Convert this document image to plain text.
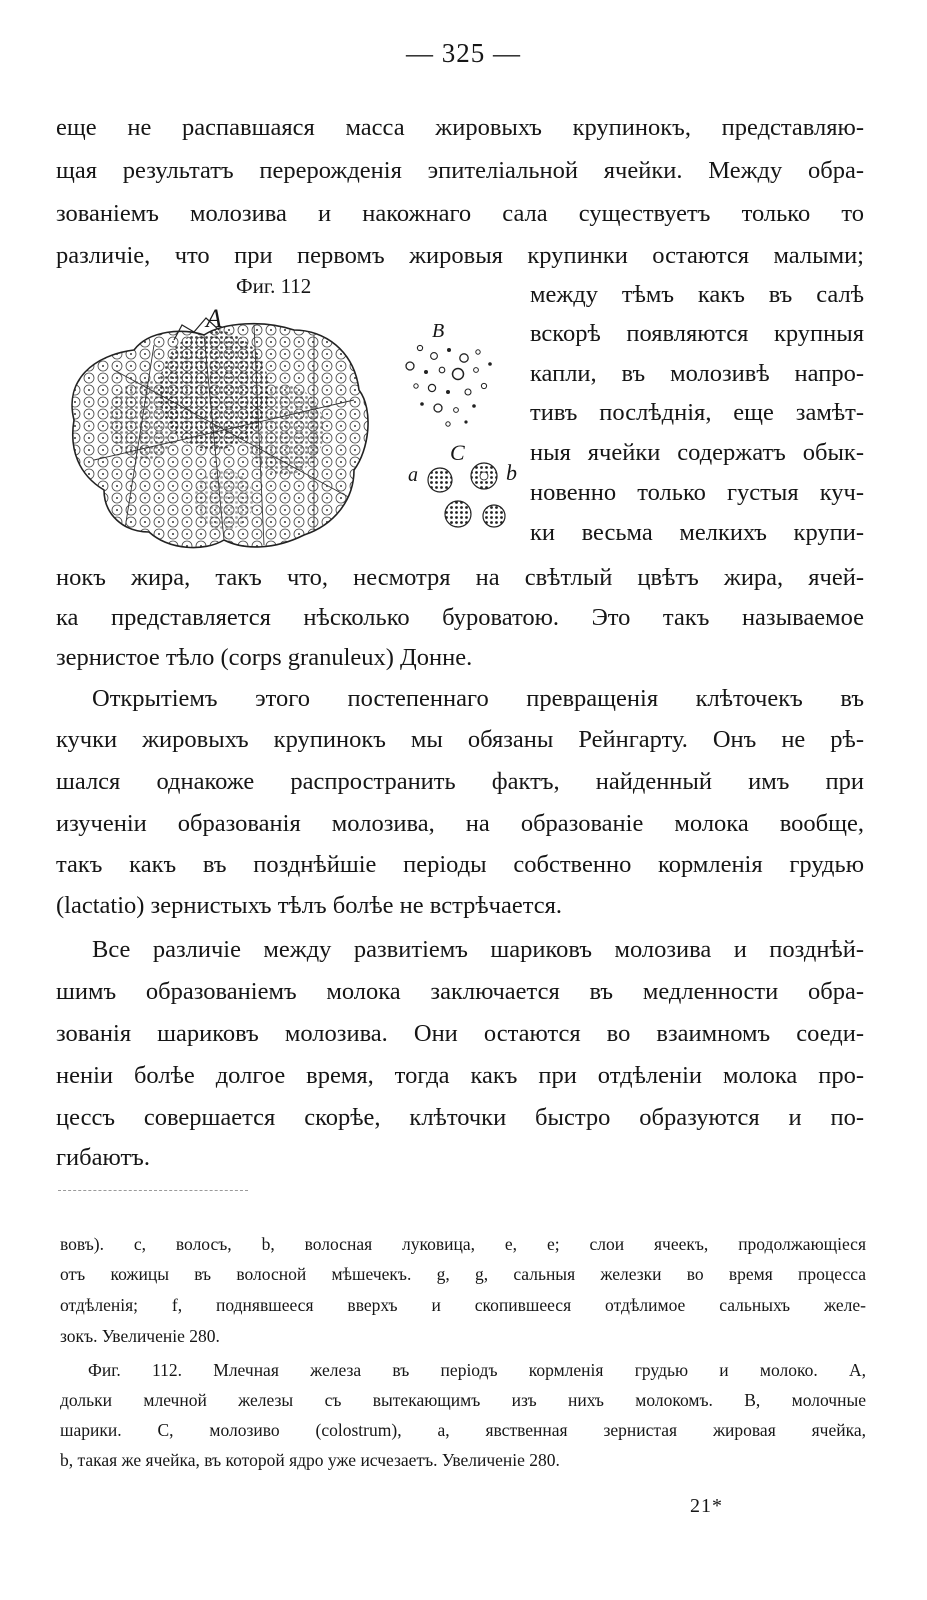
— 325 —
еще не распавшаяся масса жировыхъ крупинокъ, представляю-
щая результатъ перерожденія эпителіальной ячейки. Между обра-
зованіемъ молозива и накожнаго сала существуетъ только то
различіе, что при первомъ жировыя крупинки остаются малыми;
Фиг. 112
A	B
C
a	b
между тѣмъ какъ въ салѣ
вскорѣ появляются крупныя
капли, въ молозивѣ напро-
тивъ послѣднія, еще замѣт-
ныя ячейки содержатъ обык-
новенно только густыя куч-
ки весьма мелкихъ крупи-
нокъ жира, такъ что, несмотря на свѣтлый цвѣтъ жира, ячей-
ка представляется нѣсколько буроватою. Это такъ называемое
зернистое тѣло (corps granuleux) Донне.
Открытіемъ этого постепеннаго превращенія клѣточекъ въ
кучки жировыхъ крупинокъ мы обязаны Рейнгарту. Онъ не рѣ-
шался однакоже распространить фактъ, найденный имъ при
изученіи образованія молозива, на образованіе молока вообще,
такъ какъ въ позднѣйшіе періоды собственно кормленія грудью
(lactatio) зернистыхъ тѣлъ болѣе не встрѣчается.
Все различіе между развитіемъ шариковъ молозива и позднѣй-
шимъ образованіемъ молока заключается въ медленности обра-
зованія шариковъ молозива. Они остаются во взаимномъ соеди-
неніи болѣе долгое время, тогда какъ при отдѣленіи молока про-
цессъ совершается скорѣе, клѣточки быстро образуются и по-
гибаютъ.
вовъ). c, волосъ, b, волосная луковица, e, e; слои ячеекъ, продолжающіеся
отъ кожицы въ волосной мѣшечекъ. g, g, сальныя железки во время процесса
отдѣленія; f, поднявшееся вверхъ и скопившееся отдѣлимое сальныхъ желе-
зокъ. Увеличеніе 280.
Фиг. 112. Млечная железа въ періодъ кормленія грудью и молоко. A,
дольки млечной железы съ вытекающимъ изъ нихъ молокомъ. B, молочные
шарики. C, молозиво (colostrum), a, явственная зернистая жировая ячейка,
b, такая же ячейка, въ которой ядро уже исчезаетъ. Увеличеніе 280.
21*
